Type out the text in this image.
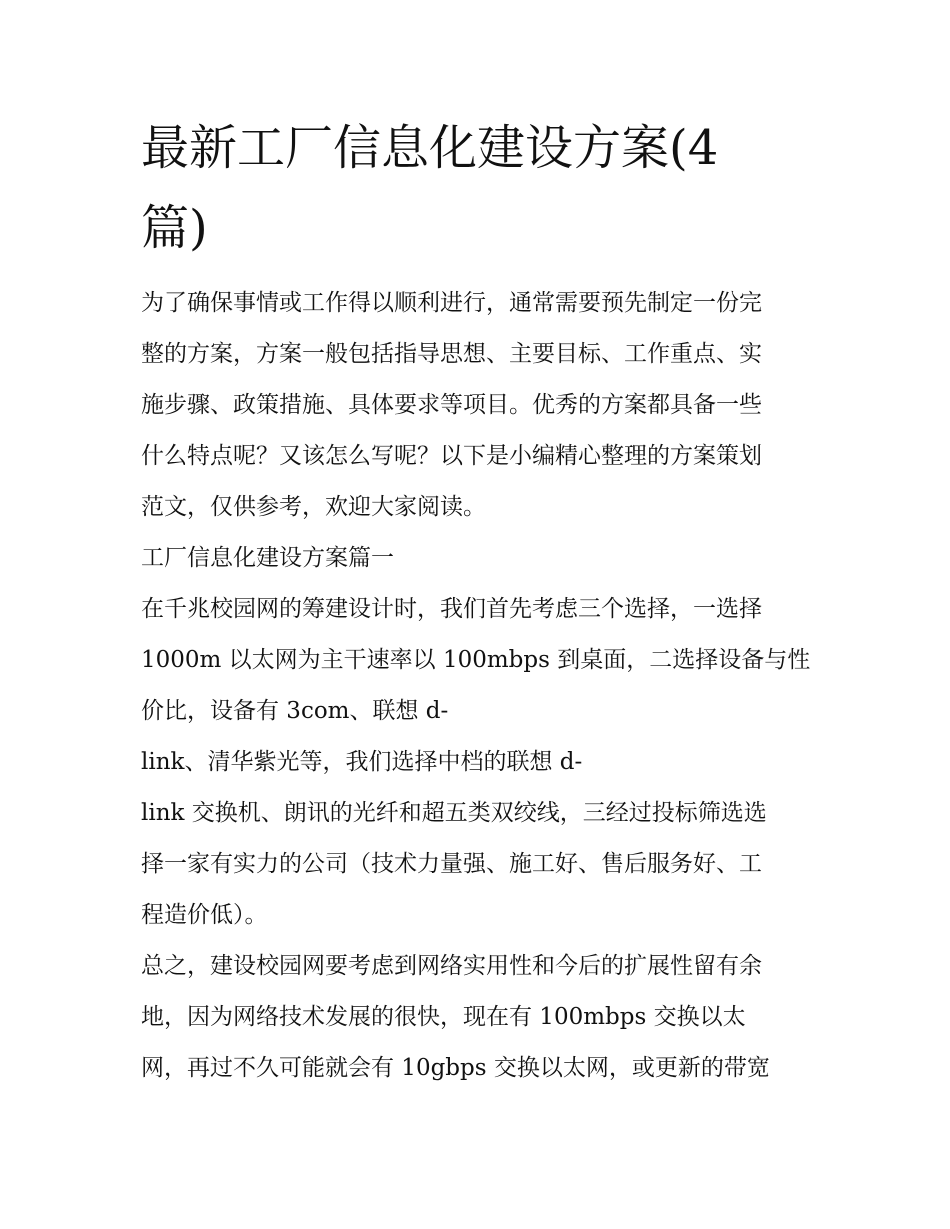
最新工厂信息化建设方案(4
篇)

为了确保事情或工作得以顺利进行，通常需要预先制定一份完
整的方案，方案一般包括指导思想、主要目标、工作重点、实
施步骤、政策措施、具体要求等项目。优秀的方案都具备一些
什么特点呢？又该怎么写呢？以下是小编精心整理的方案策划
范文，仅供参考，欢迎大家阅读。

工厂信息化建设方案篇一

在千兆校园网的筹建设计时，我们首先考虑三个选择，一选择
1000m 以太网为主干速率以 100mbps 到桌面，二选择设备与性
价比，设备有 3com、联想 d-

link、清华紫光等，我们选择中档的联想 d-

link 交换机、朗讯的光纤和超五类双绞线，三经过投标筛选选
择一家有实力的公司（技术力量强、施工好、售后服务好、工
程造价低）。

总之，建设校园网要考虑到网络实用性和今后的扩展性留有余
地，因为网络技术发展的很快，现在有 100mbps 交换以太
网，再过不久可能就会有 10gbps 交换以太网，或更新的带宽
